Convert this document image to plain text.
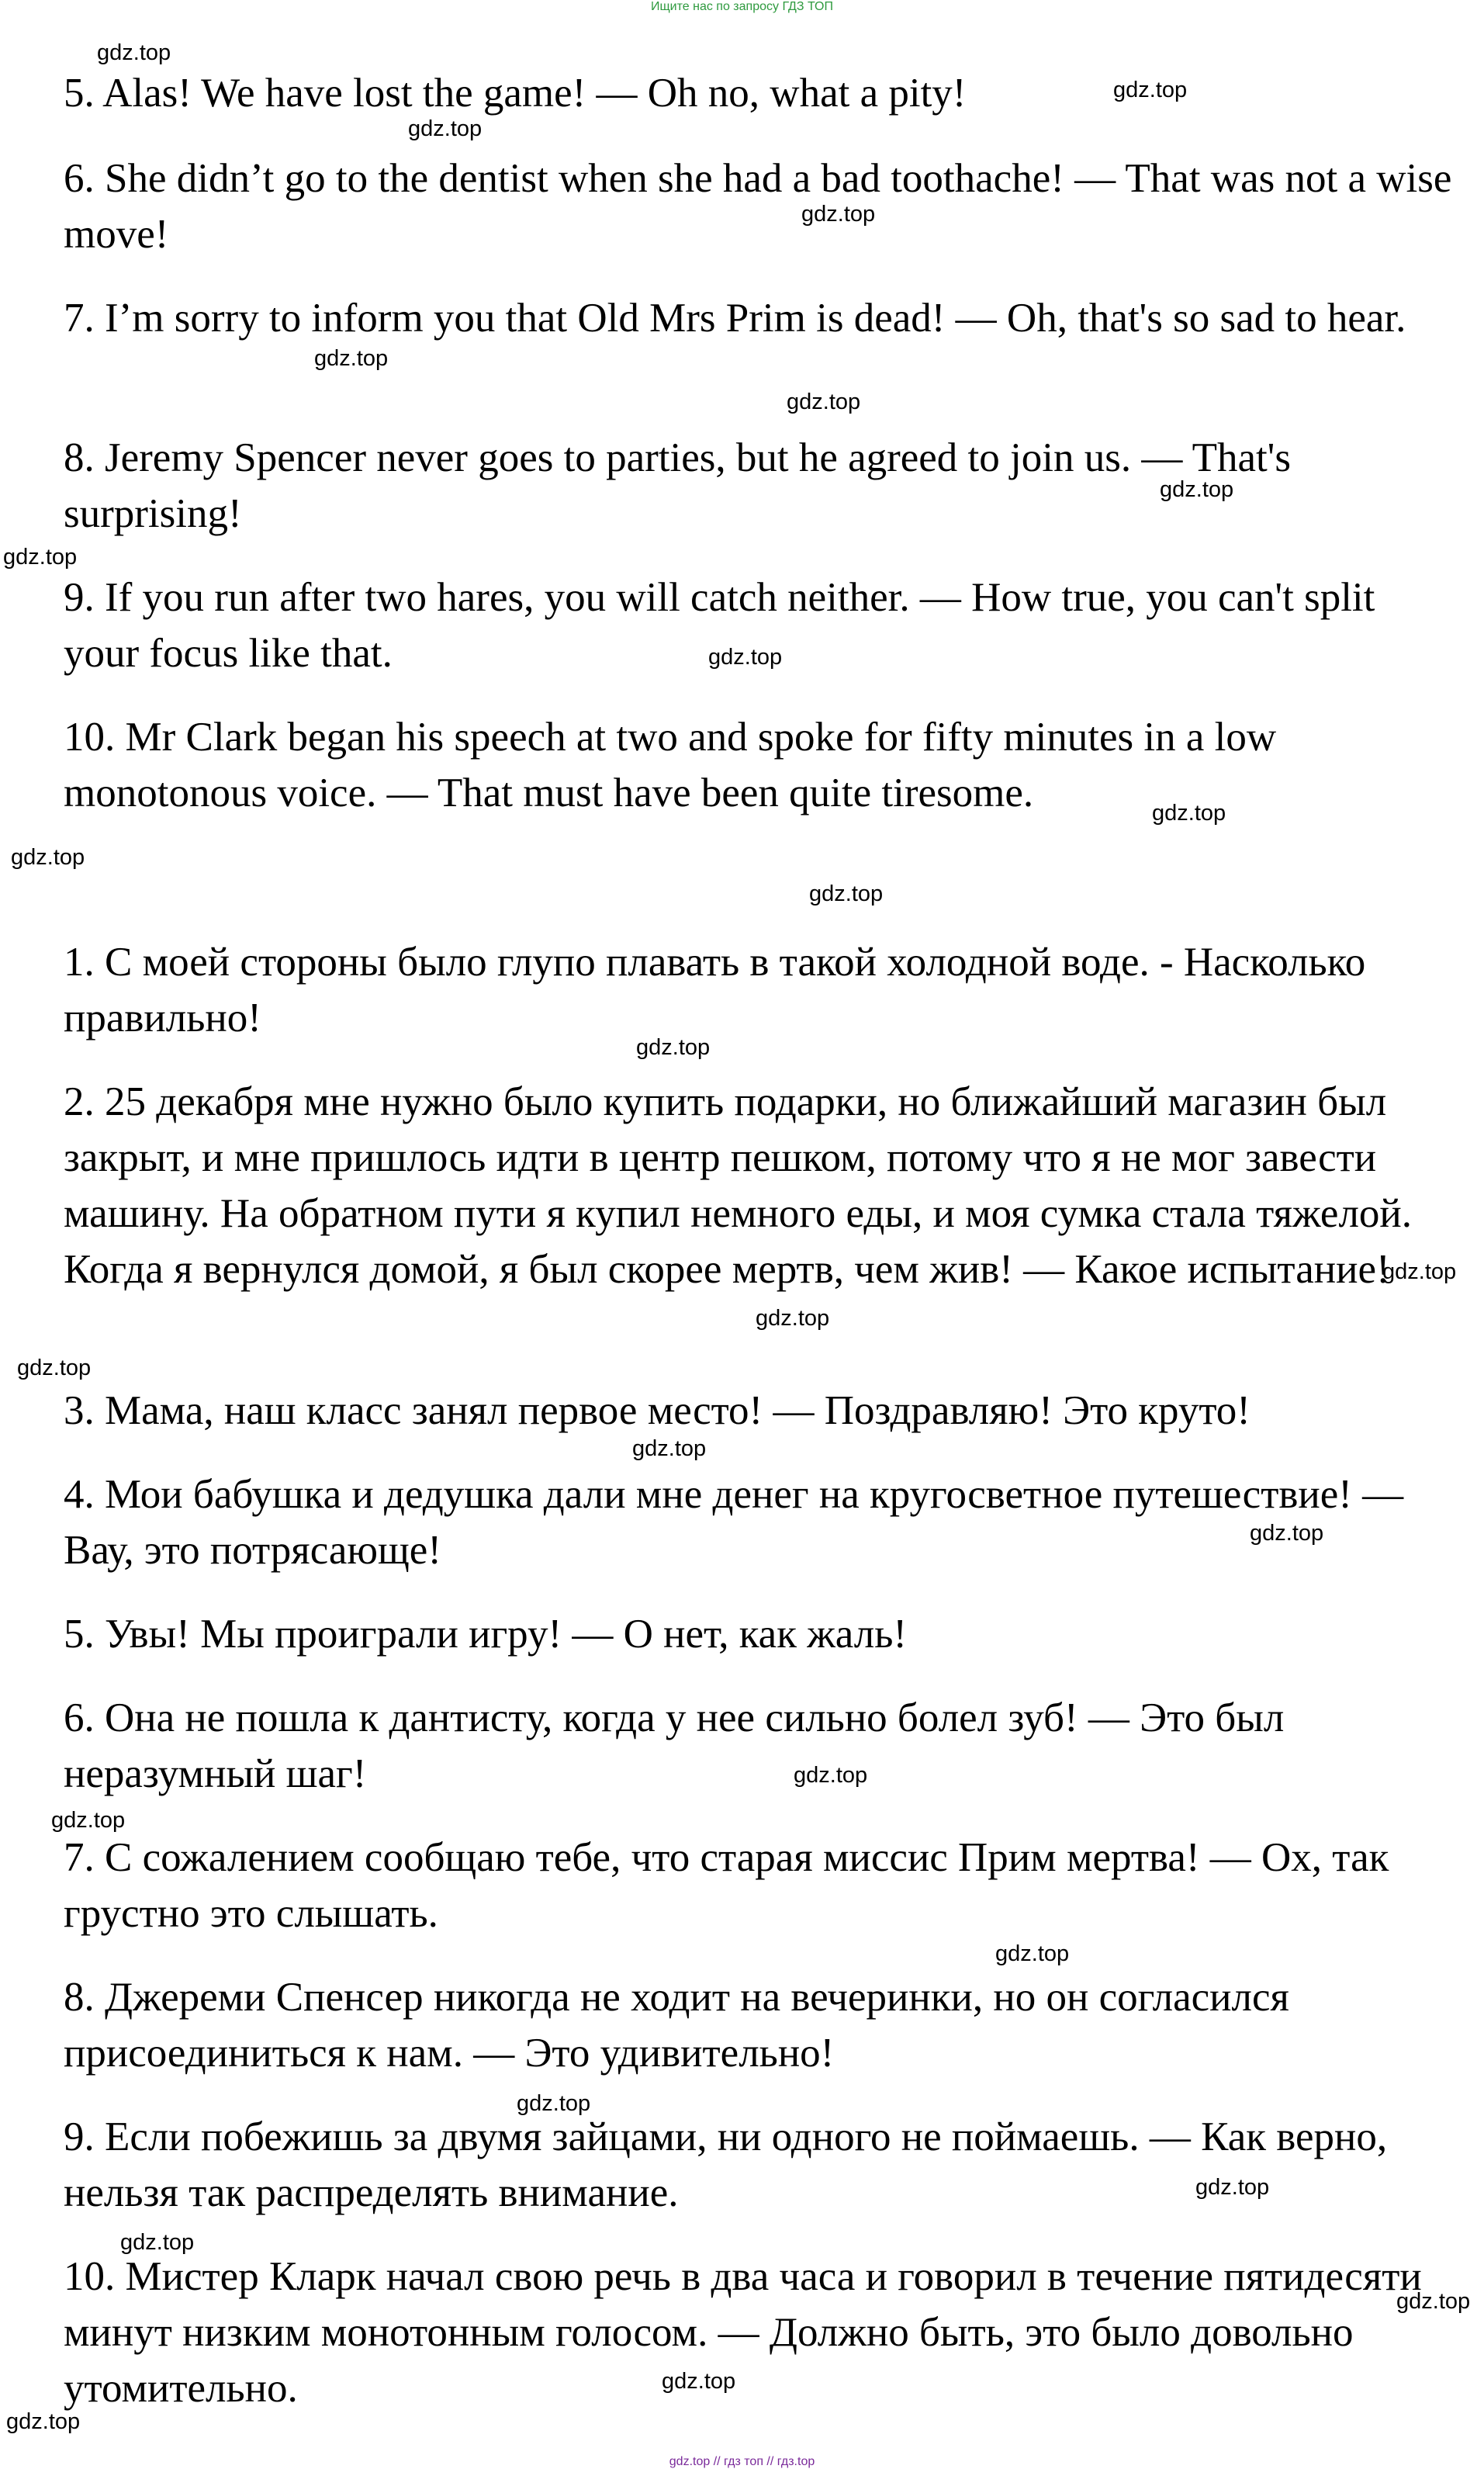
Ищите нас по запросу ГДЗ ТОП

5. Alas! We have lost the game! — Oh no, what a pity!

6. She didn’t go to the dentist when she had a bad toothache! — That was not a wise move!

7. I’m sorry to inform you that Old Mrs Prim is dead! — Oh, that's so sad to hear.

8. Jeremy Spencer never goes to parties, but he agreed to join us. — That's surprising!

9. If you run after two hares, you will catch neither. — How true, you can't split your focus like that.

10. Mr Clark began his speech at two and spoke for fifty minutes in a low monotonous voice. — That must have been quite tiresome.

1. С моей стороны было глупо плавать в такой холодной воде. - Насколько правильно!

2. 25 декабря мне нужно было купить подарки, но ближайший магазин был закрыт, и мне пришлось идти в центр пешком, потому что я не мог завести машину. На обратном пути я купил немного еды, и моя сумка стала тяжелой. Когда я вернулся домой, я был скорее мертв, чем жив! — Какое испытание!

3. Мама, наш класс занял первое место! — Поздравляю! Это круто!

4. Мои бабушка и дедушка дали мне денег на кругосветное путешествие! — Вау, это потрясающе!

5. Увы! Мы проиграли игру! — О нет, как жаль!

6. Она не пошла к дантисту, когда у нее сильно болел зуб! — Это был неразумный шаг!

7. С сожалением сообщаю тебе, что старая миссис Прим мертва! — Ох, так грустно это слышать.

8. Джереми Спенсер никогда не ходит на вечеринки, но он согласился присоединиться к нам. — Это удивительно!

9. Если побежишь за двумя зайцами, ни одного не поймаешь. — Как верно, нельзя так распределять внимание.

10. Мистер Кларк начал свою речь в два часа и говорил в течение пятидесяти минут низким монотонным голосом. — Должно быть, это было довольно утомительно.

gdz.top
gdz.top
gdz.top
gdz.top
gdz.top
gdz.top
gdz.top
gdz.top
gdz.top
gdz.top
gdz.top
gdz.top
gdz.top
gdz.top
gdz.top
gdz.top
gdz.top
gdz.top
gdz.top
gdz.top
gdz.top
gdz.top
gdz.top
gdz.top
gdz.top
gdz.top
gdz.top
gdz.top // гдз топ // гдз.top
